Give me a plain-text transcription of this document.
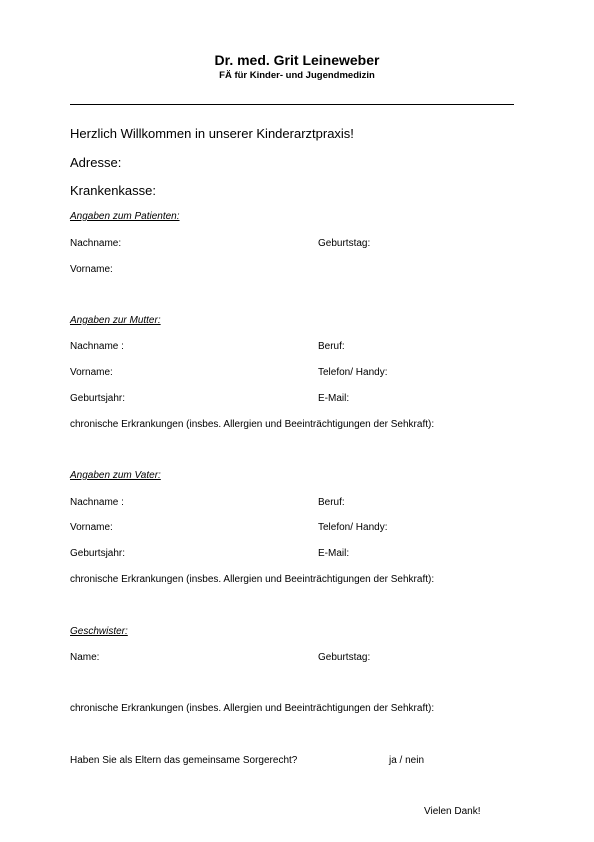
Dr. med. Grit Leineweber
FÄ für Kinder- und Jugendmedizin
Herzlich Willkommen in unserer Kinderarztpraxis!
Adresse:
Krankenkasse:
Angaben zum Patienten:
Nachname:	Geburtstag:
Vorname:
Angaben zur Mutter:
Nachname :	Beruf:
Vorname:	Telefon/ Handy:
Geburtsjahr:	E-Mail:
chronische Erkrankungen (insbes. Allergien und Beeinträchtigungen der Sehkraft):
Angaben zum Vater:
Nachname :	Beruf:
Vorname:	Telefon/ Handy:
Geburtsjahr:	E-Mail:
chronische Erkrankungen (insbes. Allergien und Beeinträchtigungen der Sehkraft):
Geschwister:
Name:	Geburtstag:
chronische Erkrankungen (insbes. Allergien und Beeinträchtigungen der Sehkraft):
Haben Sie als Eltern das gemeinsame Sorgerecht?	ja / nein
Vielen Dank!
